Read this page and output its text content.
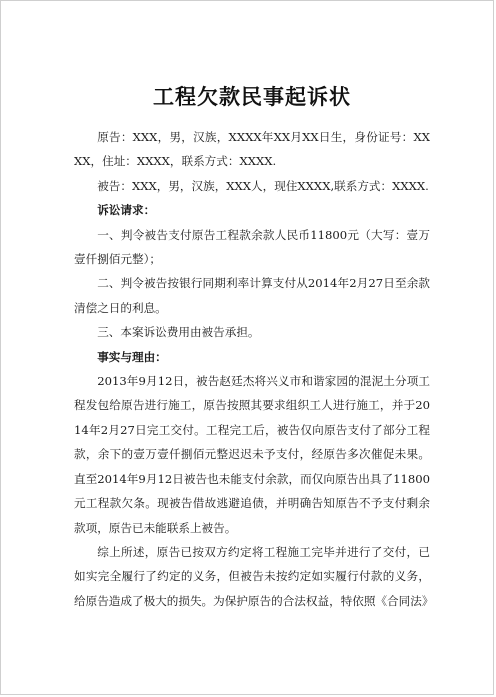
工程欠款民事起诉状

原告：XXX，男，汉族，XXXX年XX月XX日生，身份证号：XXXX，住址：XXXX，联系方式：XXXX.

被告：XXX，男，汉族，XXX人，现住XXXX,联系方式：XXXX.

诉讼请求：

一、判令被告支付原告工程款余款人民币11800元（大写：壹万壹仟捌佰元整）；

二、判令被告按银行同期利率计算支付从2014年2月27日至余款清偿之日的利息。

三、本案诉讼费用由被告承担。

事实与理由：

2013年9月12日，被告赵廷杰将兴义市和谐家园的混泥土分项工程发包给原告进行施工，原告按照其要求组织工人进行施工，并于2014年2月27日完工交付。工程完工后，被告仅向原告支付了部分工程款，余下的壹万壹仟捌佰元整迟迟未予支付，经原告多次催促未果。直至2014年9月12日被告也未能支付余款，而仅向原告出具了11800元工程款欠条。现被告借故逃避追债，并明确告知原告不予支付剩余款项，原告已未能联系上被告。

综上所述，原告已按双方约定将工程施工完毕并进行了交付，已如实完全履行了约定的义务，但被告未按约定如实履行付款的义务，给原告造成了极大的损失。为保护原告的合法权益，特依照《合同法》
